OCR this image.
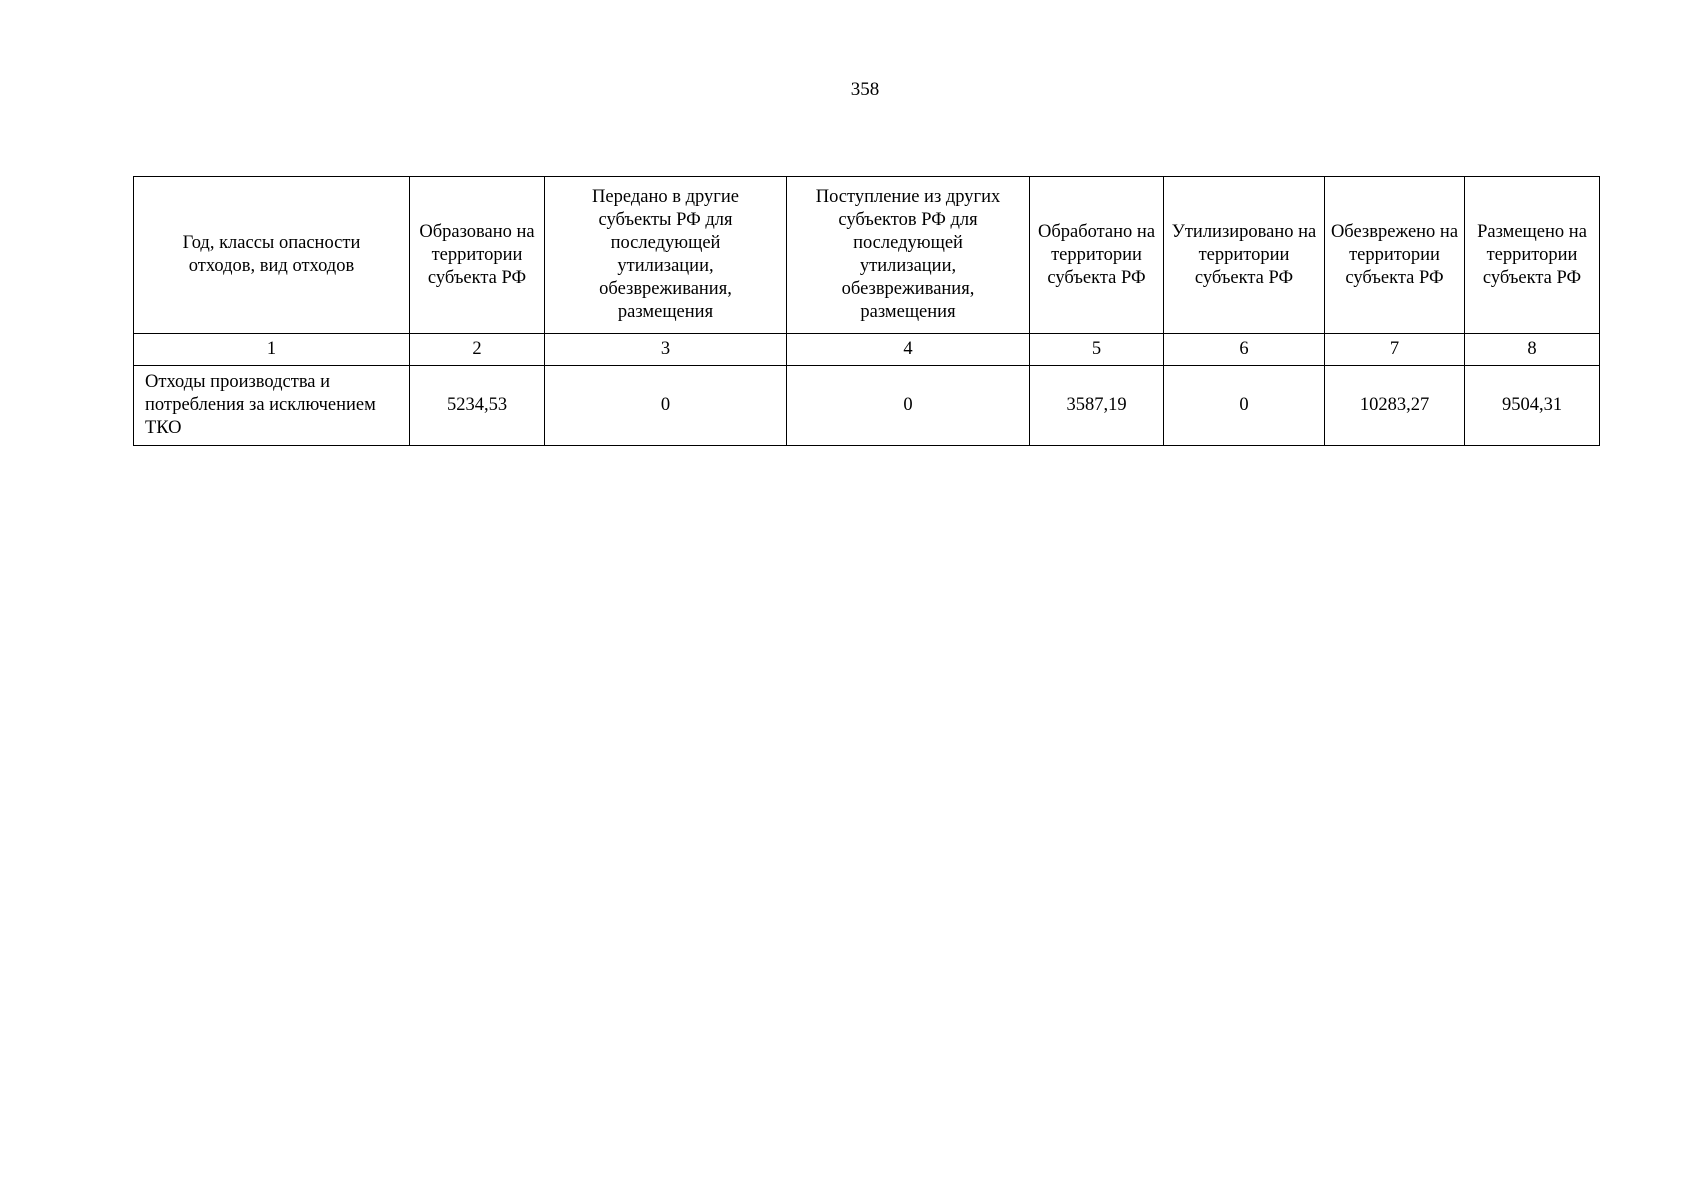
358
Год, классы опасности отходов, вид отходов	Образовано на территории субъекта РФ	Передано в другие субъекты РФ для последующей утилизации, обезвреживания, размещения	Поступление из других субъектов РФ для последующей утилизации, обезвреживания, размещения	Обработано на территории субъекта РФ	Утилизировано на территории субъекта РФ	Обезврежено на территории субъекта РФ	Размещено на территории субъекта РФ
1	2	3	4	5	6	7	8
Отходы производства и потребления за исключением ТКО	5234,53	0	0	3587,19	0	10283,27	9504,31
